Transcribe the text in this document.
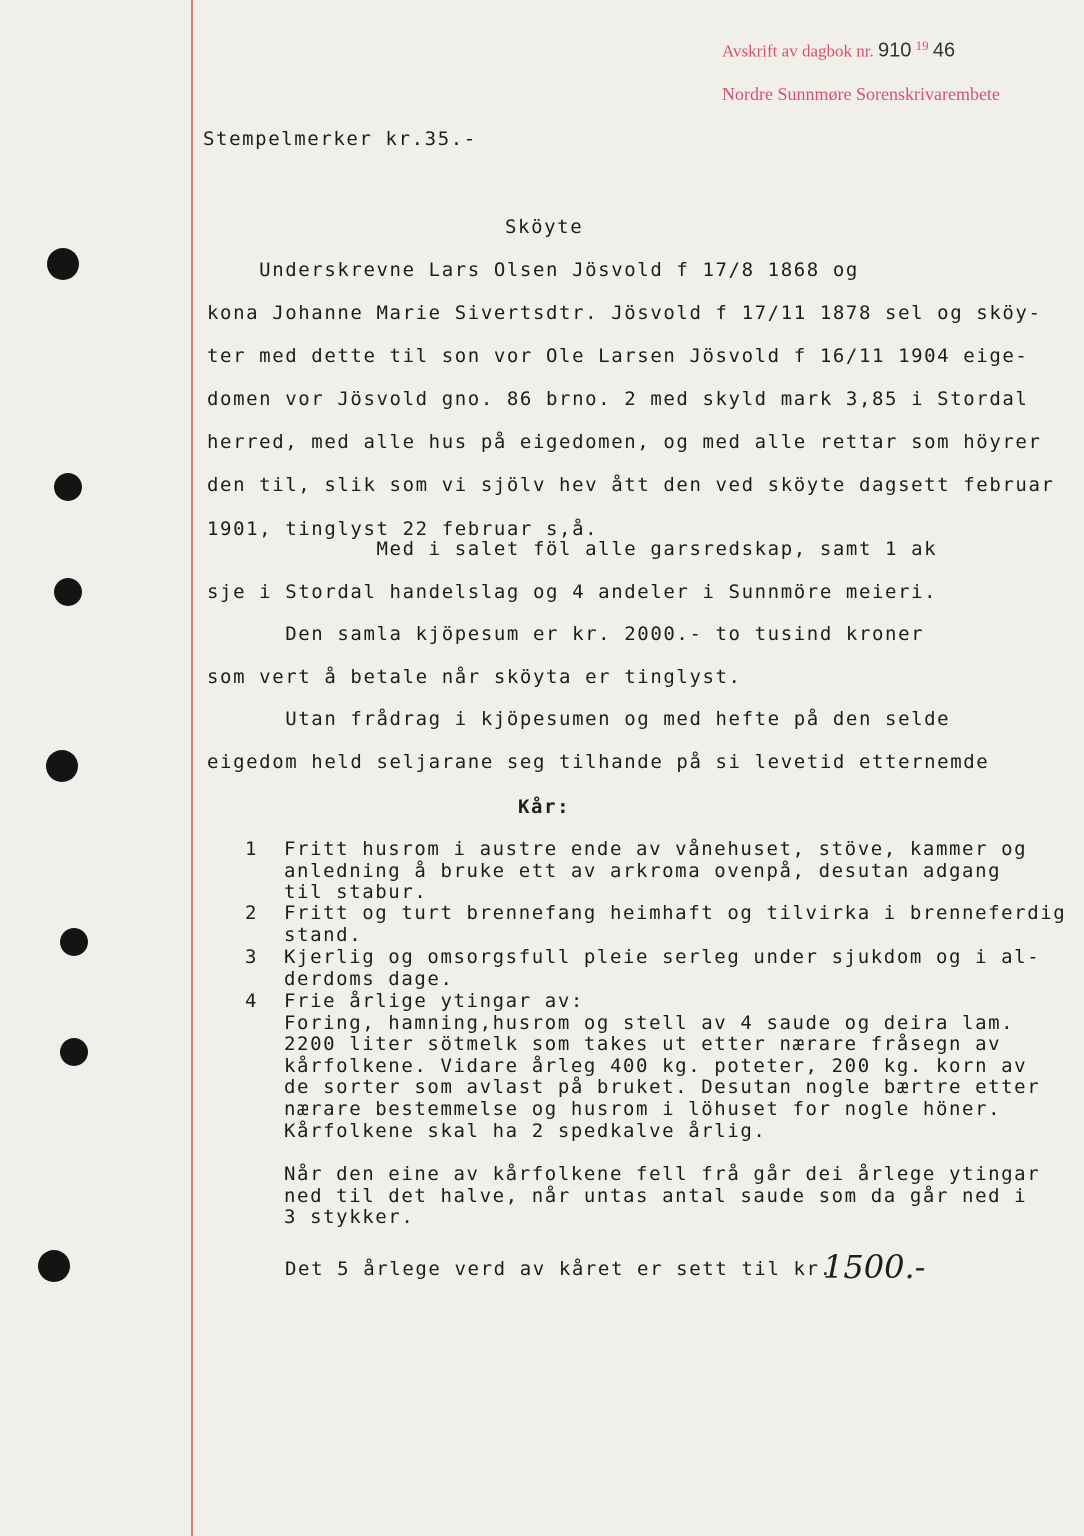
Avskrift av dagbok nr. 910 $^{19}$ 46
Nordre Sunnmøre Sorenskrivarembete
Stempelmerker kr.35.-
Sköyte
Underskrevne Lars Olsen Jösvold f 17/8 1868 og
kona Johanne Marie Sivertsdtr. Jösvold f 17/11 1878 sel og sköy-
ter med dette til son vor Ole Larsen Jösvold f 16/11 1904 eige-
domen vor Jösvold gno. 86 brno. 2 med skyld mark 3,85 i Stordal
herred, med alle hus på eigedomen, og med alle rettar som höyrer
den til, slik som vi sjölv hev ått den ved sköyte dagsett februar
1901, tinglyst 22 februar s,å.
Med i salet föl alle garsredskap, samt 1 ak
sje i Stordal handelslag og 4 andeler i Sunnmöre meieri.
Den samla kjöpesum er kr. 2000.- to tusind kroner
som vert å betale når sköyta er tinglyst.
Utan frådrag i kjöpesumen og med hefte på den selde
eigedom held seljarane seg tilhande på si levetid etternemde
Kår:
1 Fritt husrom i austre ende av vånehuset, stöve, kammer og
anledning å bruke ett av arkroma ovenpå, desutan adgang
til stabur.
2 Fritt og turt brennefang heimhaft og tilvirka i brenneferdig
stand.
3 Kjerlig og omsorgsfull pleie serleg under sjukdom og i al-
derdoms dage.
4 Frie årlige ytingar av:
Foring, hamning,husrom og stell av 4 saude og deira lam.
2200 liter sötmelk som takes ut etter nærare fråsegn av
kårfolkene. Vidare årleg 400 kg. poteter, 200 kg. korn av
de sorter som avlast på bruket. Desutan nogle bærtre etter
nærare bestemmelse og husrom i löhuset for nogle höner.
Kårfolkene skal ha 2 spedkalve årlig.
Når den eine av kårfolkene fell frå går dei årlege ytingar
ned til det halve, når untas antal saude som da går ned i
3 stykker.
Det 5 årlege verd av kåret er sett til kr.
1500.-
